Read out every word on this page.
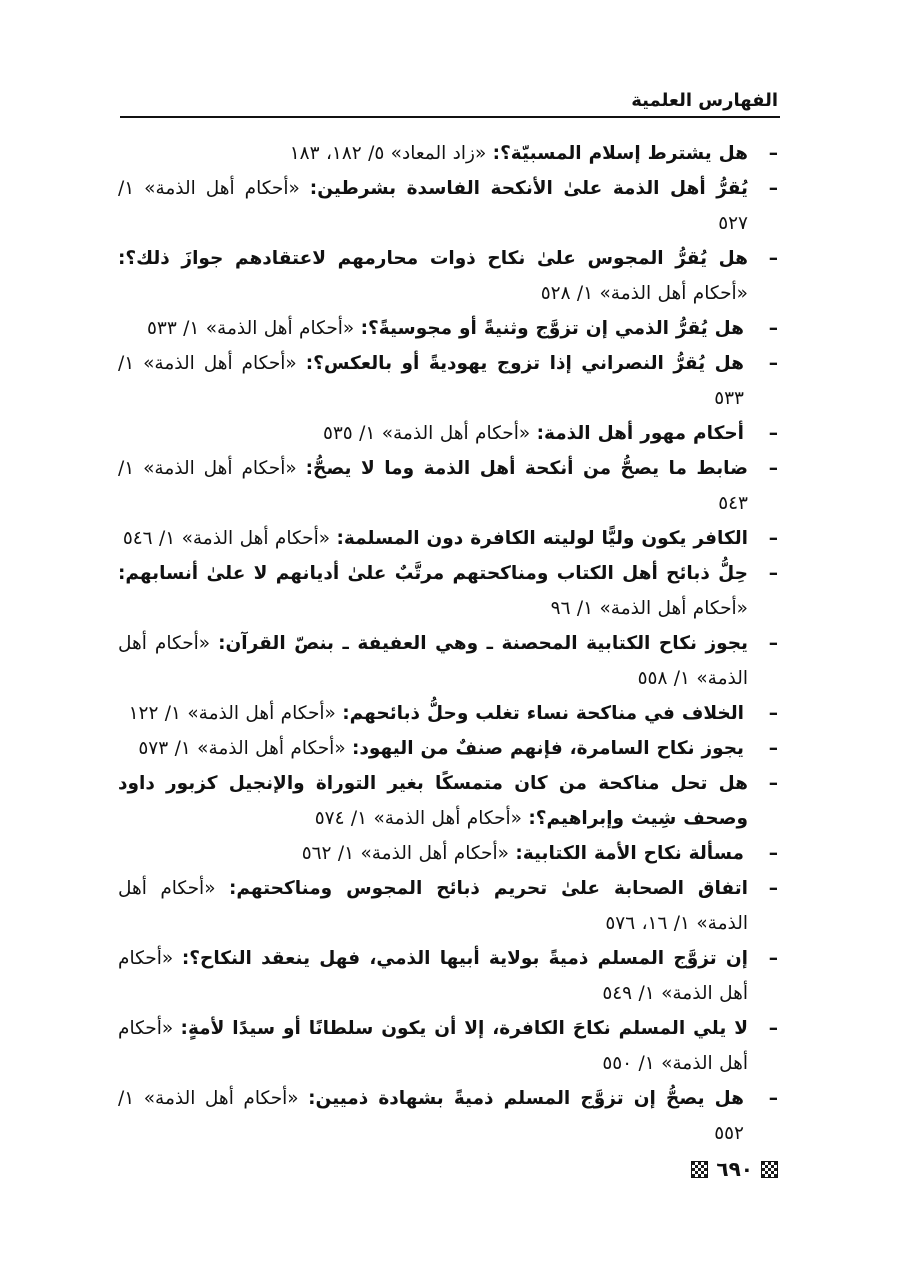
الفهارس العلمية
–
هل يشترط إسلام المسبيّة؟: «زاد المعاد» ٥/ ١٨٢، ١٨٣
–
يُقرُّ أهل الذمة علىٰ الأنكحة الفاسدة بشرطين: «أحكام أهل الذمة» ١/ ٥٢٧
–
هل يُقرُّ المجوس علىٰ نكاح ذوات محارمهم لاعتقادهم جوازَ ذلك؟: «أحكام أهل الذمة» ١/ ٥٢٨
–
هل يُقرُّ الذمي إن تزوَّج وثنيةً أو مجوسيةً؟: «أحكام أهل الذمة» ١/ ٥٣٣
–
هل يُقرُّ النصراني إذا تزوج يهوديةً أو بالعكس؟: «أحكام أهل الذمة» ١/ ٥٣٣
–
أحكام مهور أهل الذمة: «أحكام أهل الذمة» ١/ ٥٣٥
–
ضابط ما يصحُّ من أنكحة أهل الذمة وما لا يصحُّ: «أحكام أهل الذمة» ١/ ٥٤٣
–
الكافر يكون وليًّا لوليته الكافرة دون المسلمة: «أحكام أهل الذمة» ١/ ٥٤٦
–
حِلُّ ذبائح أهل الكتاب ومناكحتهم مرتَّبٌ علىٰ أديانهم لا علىٰ أنسابهم: «أحكام أهل الذمة» ١/ ٩٦
–
يجوز نكاح الكتابية المحصنة ـ وهي العفيفة ـ بنصّ القرآن: «أحكام أهل الذمة» ١/ ٥٥٨
–
الخلاف في مناكحة نساء تغلب وحلُّ ذبائحهم: «أحكام أهل الذمة» ١/ ١٢٢
–
يجوز نكاح السامرة، فإنهم صنفٌ من اليهود: «أحكام أهل الذمة» ١/ ٥٧٣
–
هل تحل مناكحة من كان متمسكًا بغير التوراة والإنجيل كزبور داود وصحف شِيث وإبراهيم؟: «أحكام أهل الذمة» ١/ ٥٧٤
–
مسألة نكاح الأمة الكتابية: «أحكام أهل الذمة» ١/ ٥٦٢
–
اتفاق الصحابة علىٰ تحريم ذبائح المجوس ومناكحتهم: «أحكام أهل الذمة» ١/ ١٦، ٥٧٦
–
إن تزوَّج المسلم ذميةً بولاية أبيها الذمي، فهل ينعقد النكاح؟: «أحكام أهل الذمة» ١/ ٥٤٩
–
لا يلي المسلم نكاحَ الكافرة، إلا أن يكون سلطانًا أو سيدًا لأمةٍ: «أحكام أهل الذمة» ١/ ٥٥٠
–
هل يصحُّ إن تزوَّج المسلم ذميةً بشهادة ذميين: «أحكام أهل الذمة» ١/ ٥٥٢
٦٩٠
